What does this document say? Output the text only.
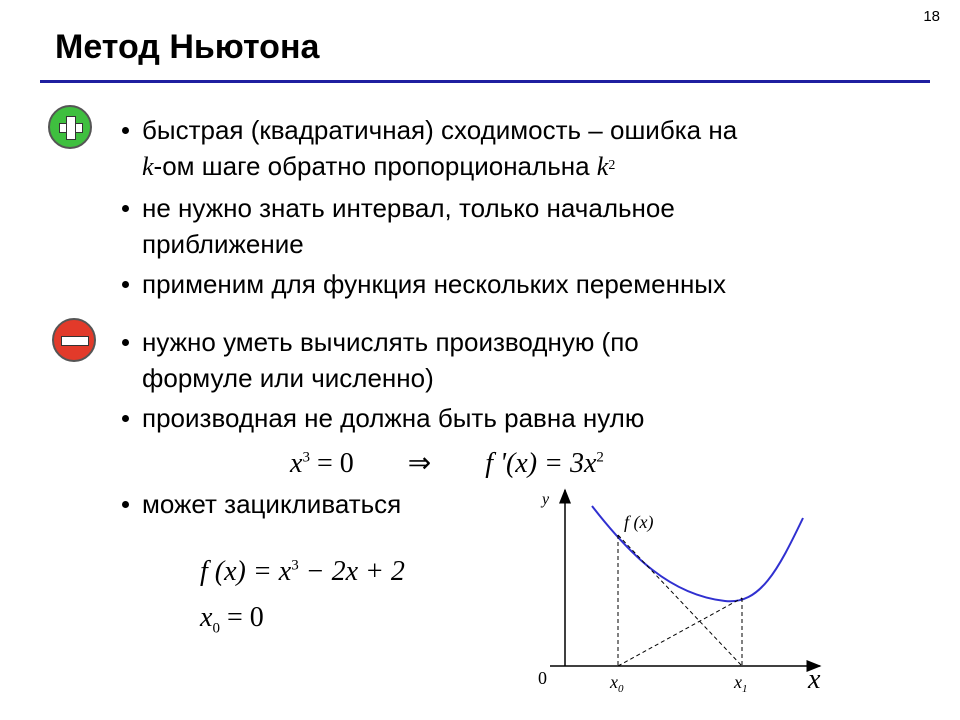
18
Метод Ньютона
быстрая (квадратичная) сходимость – ошибка на
k-ом шаге обратно пропорциональна $k^2$
не нужно знать интервал, только начальное
приближение
применим для функция нескольких переменных
нужно уметь вычислять производную (по
формуле или численно)
производная не должна быть равна нулю
$x^3 = 0$ ⇒ f '$(x) = 3x^2$
может зацикливаться
f $(x) = x^3 - 2x + 2$
$x_0 = 0$
y
0
f (x)
$x_0$	$x_1$ x
